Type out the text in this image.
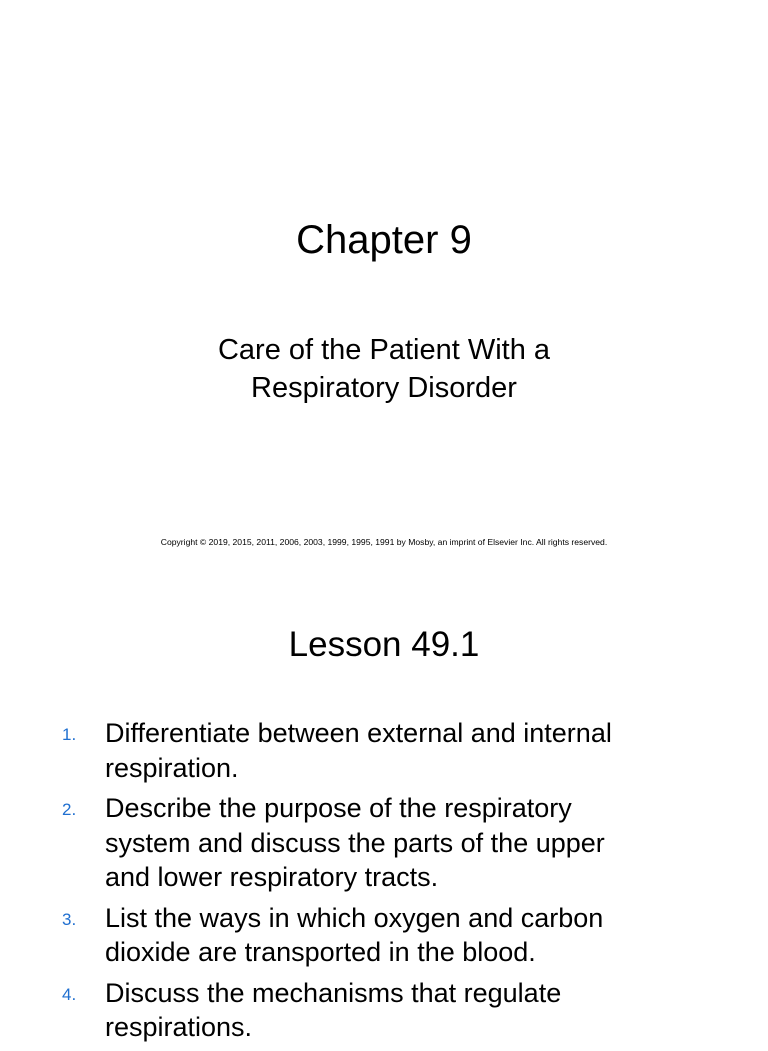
Chapter 9
Care of the Patient With a
Respiratory Disorder
Copyright © 2019, 2015, 2011, 2006, 2003, 1999, 1995, 1991 by Mosby, an imprint of Elsevier Inc. All rights reserved.
Lesson 49.1
1. Differentiate between external and internal
respiration.
2. Describe the purpose of the respiratory
system and discuss the parts of the upper
and lower respiratory tracts.
3. List the ways in which oxygen and carbon
dioxide are transported in the blood.
4. Discuss the mechanisms that regulate
respirations.
